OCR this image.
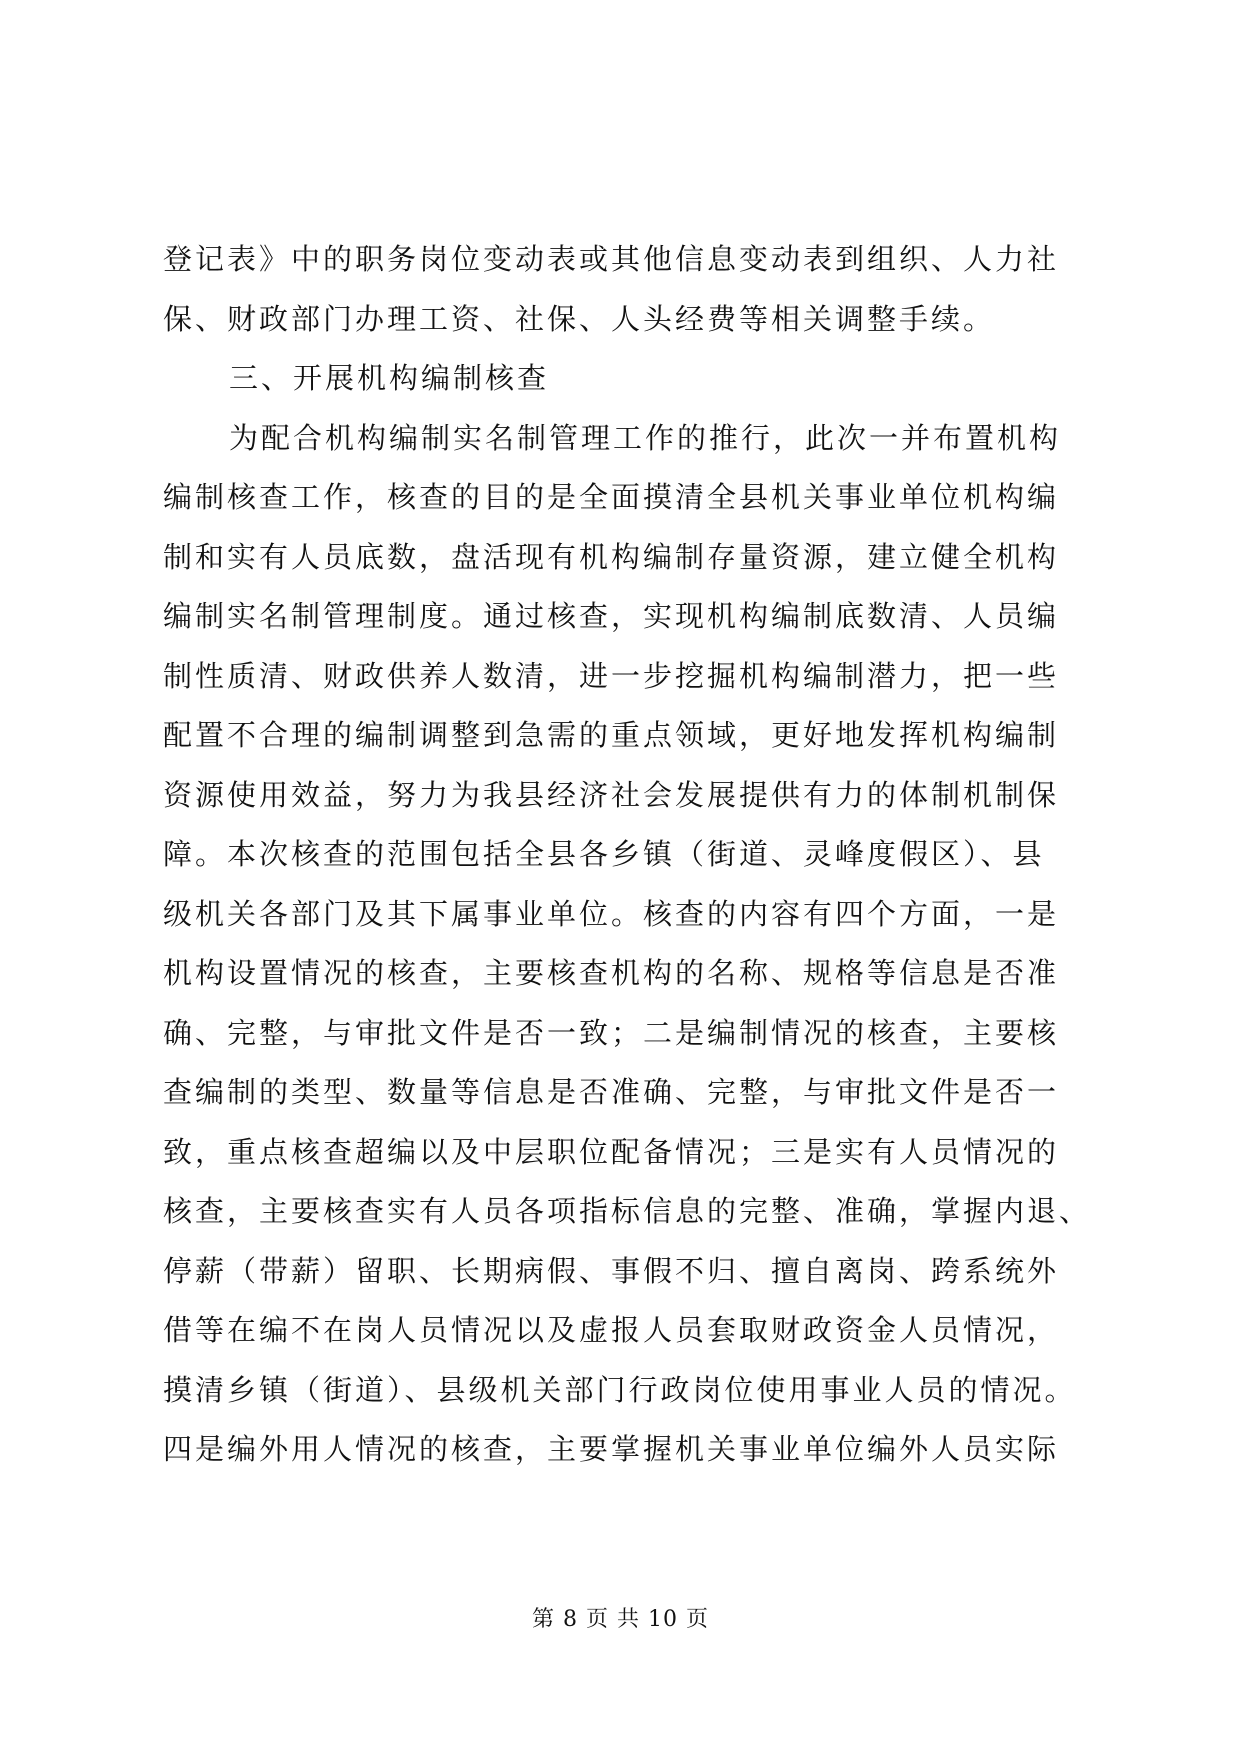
登记表》中的职务岗位变动表或其他信息变动表到组织、人力社
保、财政部门办理工资、社保、人头经费等相关调整手续。
三、开展机构编制核查
为配合机构编制实名制管理工作的推行，此次一并布置机构
编制核查工作，核查的目的是全面摸清全县机关事业单位机构编
制和实有人员底数，盘活现有机构编制存量资源，建立健全机构
编制实名制管理制度。通过核查，实现机构编制底数清、人员编
制性质清、财政供养人数清，进一步挖掘机构编制潜力，把一些
配置不合理的编制调整到急需的重点领域，更好地发挥机构编制
资源使用效益，努力为我县经济社会发展提供有力的体制机制保
障。本次核查的范围包括全县各乡镇（街道、灵峰度假区）、县
级机关各部门及其下属事业单位。核查的内容有四个方面，一是
机构设置情况的核查，主要核查机构的名称、规格等信息是否准
确、完整，与审批文件是否一致；二是编制情况的核查，主要核
查编制的类型、数量等信息是否准确、完整，与审批文件是否一
致，重点核查超编以及中层职位配备情况；三是实有人员情况的
核查，主要核查实有人员各项指标信息的完整、准确，掌握内退、
停薪（带薪）留职、长期病假、事假不归、擅自离岗、跨系统外
借等在编不在岗人员情况以及虚报人员套取财政资金人员情况，
摸清乡镇（街道）、县级机关部门行政岗位使用事业人员的情况。
四是编外用人情况的核查，主要掌握机关事业单位编外人员实际
第 8 页 共 10 页
